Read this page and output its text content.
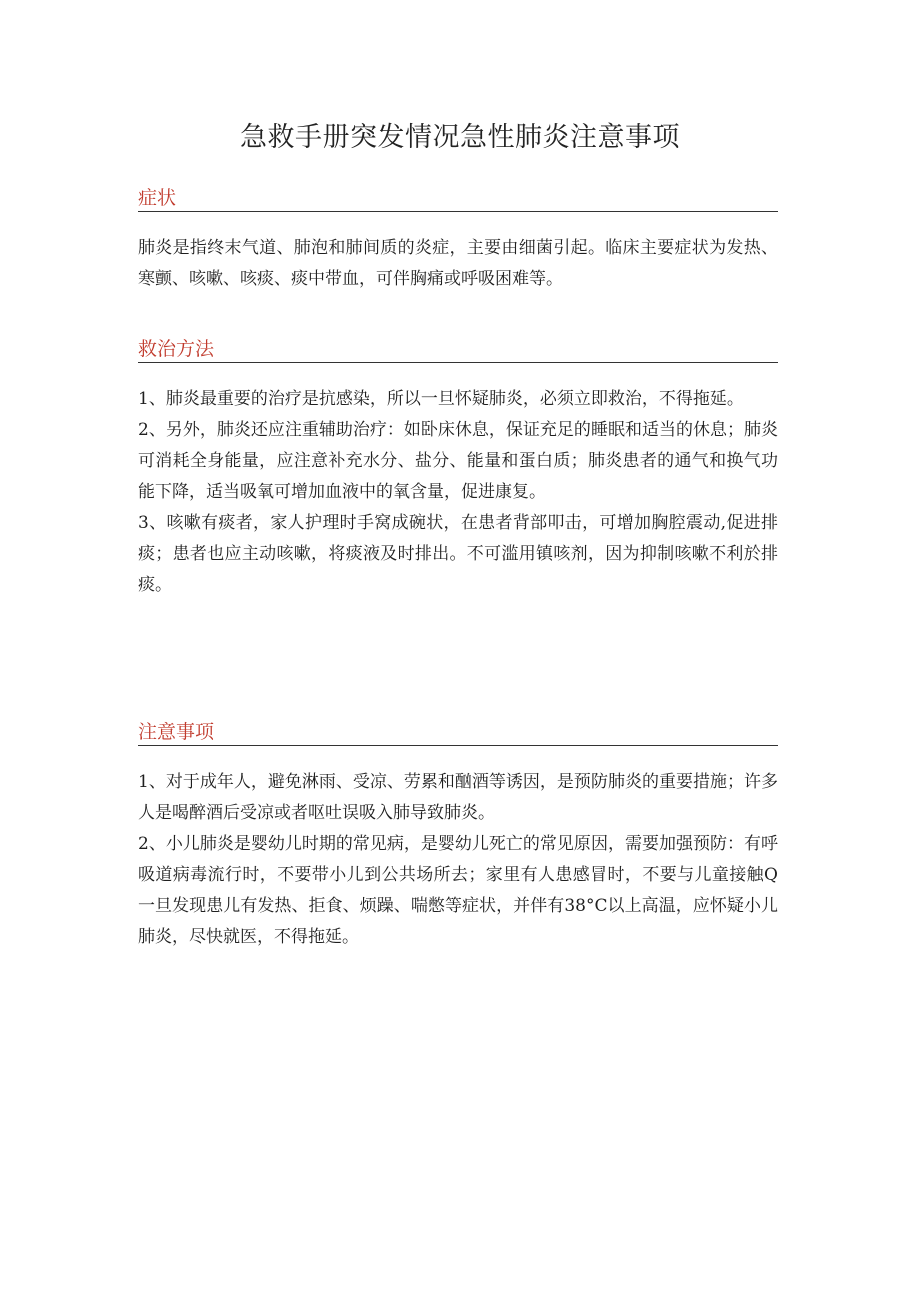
急救手册突发情况急性肺炎注意事项
症状

肺炎是指终末气道、肺泡和肺间质的炎症，主要由细菌引起。临床主要症状为发热、寒颤、咳嗽、咳痰、痰中带血，可伴胸痛或呼吸困难等。

救治方法

1、肺炎最重要的治疗是抗感染，所以一旦怀疑肺炎，必须立即救治，不得拖延。

2、另外，肺炎还应注重辅助治疗：如卧床休息，保证充足的睡眠和适当的休息；肺炎可消耗全身能量，应注意补充水分、盐分、能量和蛋白质；肺炎患者的通气和换气功能下降，适当吸氧可增加血液中的氧含量，促进康复。

3、咳嗽有痰者，家人护理时手窝成碗状，在患者背部叩击，可增加胸腔震动,促进排痰；患者也应主动咳嗽，将痰液及时排出。不可滥用镇咳剂，因为抑制咳嗽不利於排痰。

注意事项

1、对于成年人，避免淋雨、受凉、劳累和酗酒等诱因，是预防肺炎的重要措施；许多人是喝醉酒后受凉或者呕吐误吸入肺导致肺炎。

2、小儿肺炎是婴幼儿时期的常见病，是婴幼儿死亡的常见原因，需要加强预防：有呼吸道病毒流行时，不要带小儿到公共场所去；家里有人患感冒时，不要与儿童接触Q一旦发现患儿有发热、拒食、烦躁、喘憋等症状，并伴有38°C以上高温，应怀疑小儿肺炎，尽快就医，不得拖延。
